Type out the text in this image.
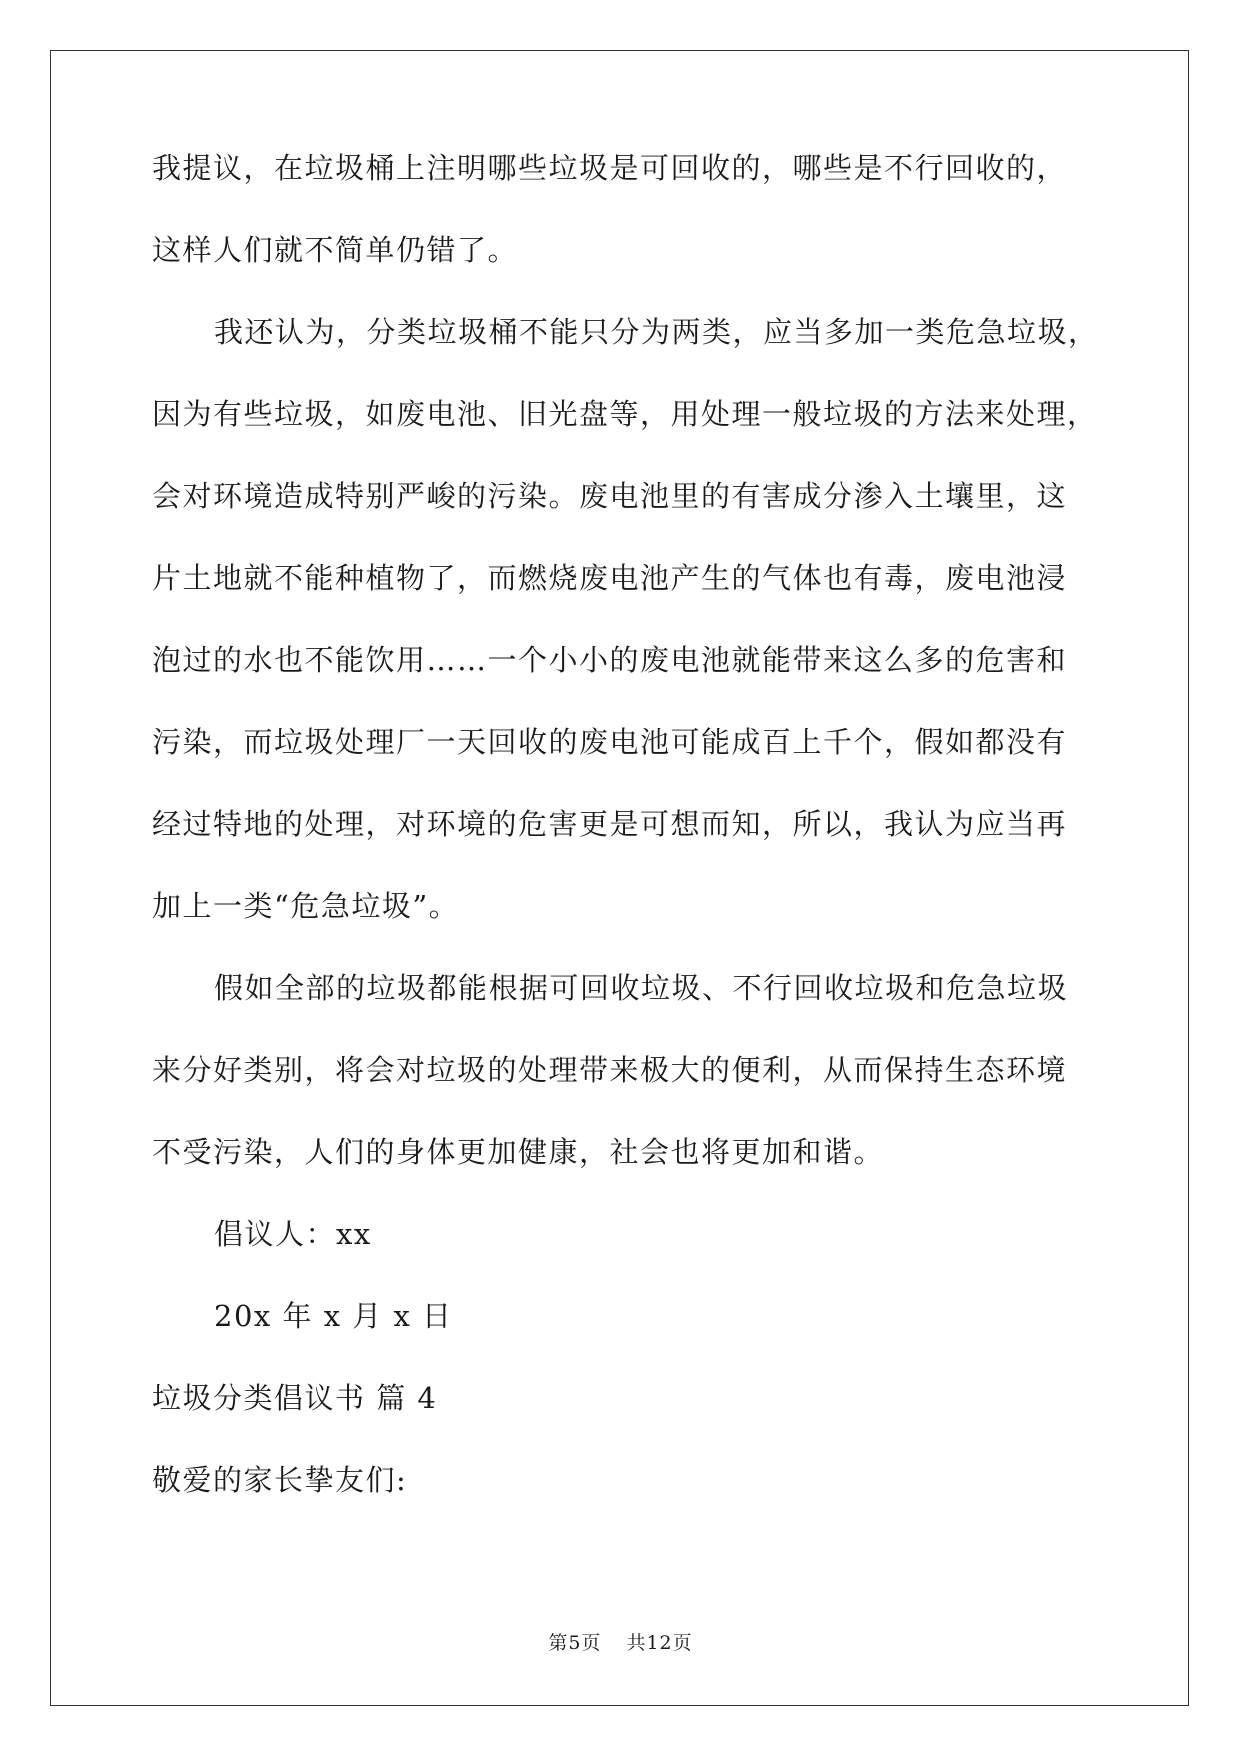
我提议，在垃圾桶上注明哪些垃圾是可回收的，哪些是不行回收的，
这样人们就不简单仍错了。
我还认为，分类垃圾桶不能只分为两类，应当多加一类危急垃圾，
因为有些垃圾，如废电池、旧光盘等，用处理一般垃圾的方法来处理，
会对环境造成特别严峻的污染。废电池里的有害成分渗入土壤里，这
片土地就不能种植物了，而燃烧废电池产生的气体也有毒，废电池浸
泡过的水也不能饮用……一个小小的废电池就能带来这么多的危害和
污染，而垃圾处理厂一天回收的废电池可能成百上千个，假如都没有
经过特地的处理，对环境的危害更是可想而知，所以，我认为应当再
加上一类“危急垃圾”。
假如全部的垃圾都能根据可回收垃圾、不行回收垃圾和危急垃圾
来分好类别，将会对垃圾的处理带来极大的便利，从而保持生态环境
不受污染，人们的身体更加健康，社会也将更加和谐。
倡议人：xx
20x 年 x 月 x 日
垃圾分类倡议书 篇 4
敬爱的家长挚友们:
第5页 共12页
